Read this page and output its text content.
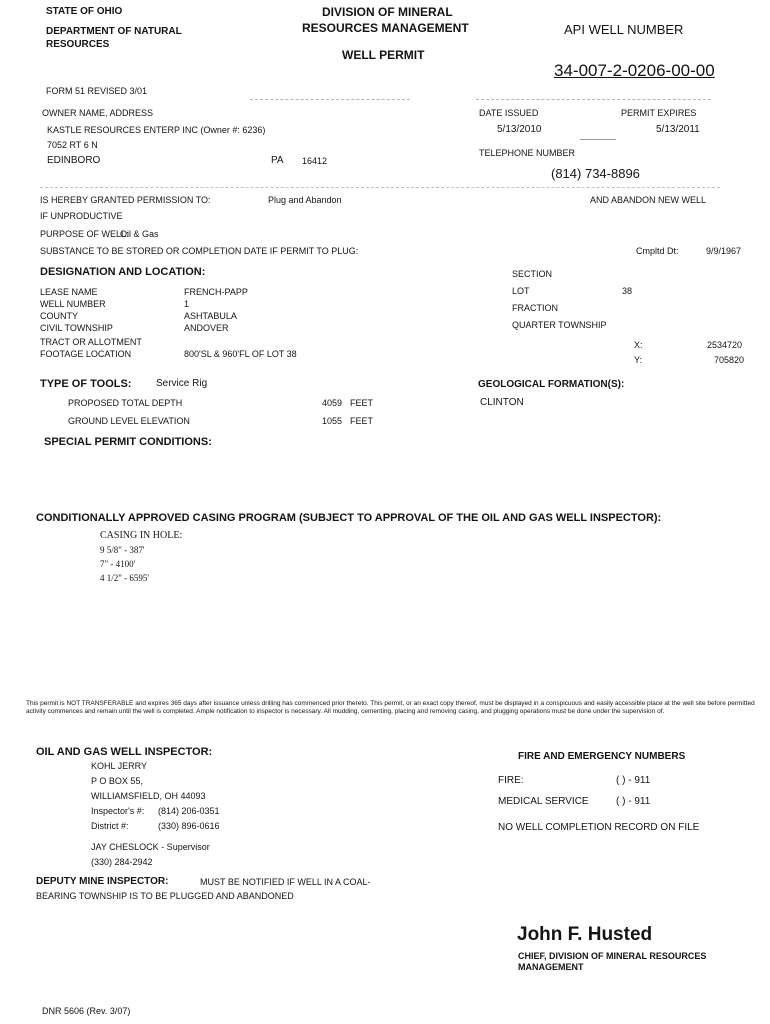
STATE OF OHIO
DEPARTMENT OF NATURAL
RESOURCES
DIVISION OF MINERAL
RESOURCES MANAGEMENT
WELL PERMIT
API WELL NUMBER
34-007-2-0206-00-00
FORM 51 REVISED 3/01
OWNER NAME, ADDRESS
KASTLE RESOURCES ENTERP INC (Owner #: 6236)
7052 RT 6 N
EDINBORO	PA 16412
DATE ISSUED	PERMIT EXPIRES
5/13/2010	5/13/2011
TELEPHONE NUMBER
(814) 734-8896
IS HEREBY GRANTED PERMISSION TO:	Plug and Abandon	AND ABANDON NEW WELL
IF UNPRODUCTIVE
PURPOSE OF WELL:
Oil & Gas
SUBSTANCE TO BE STORED OR COMPLETION DATE IF PERMIT TO PLUG:	Cmpltd Dt:	9/9/1967
DESIGNATION AND LOCATION:
LEASE NAME	FRENCH-PAPP
WELL NUMBER	1
COUNTY	ASHTABULA
CIVIL TOWNSHIP	ANDOVER
TRACT OR ALLOTMENT
FOOTAGE LOCATION	800'SL & 960'FL OF LOT 38
SECTION
LOT	38
FRACTION
QUARTER TOWNSHIP
X:	2534720
Y:	705820
TYPE OF TOOLS: Service Rig
PROPOSED TOTAL DEPTH	4059 FEET
GROUND LEVEL ELEVATION	1055 FEET
GEOLOGICAL FORMATION(S):
CLINTON
SPECIAL PERMIT CONDITIONS:
CONDITIONALLY APPROVED CASING PROGRAM (SUBJECT TO APPROVAL OF THE OIL AND GAS WELL INSPECTOR):
CASING IN HOLE:
9 5/8" - 387'
7" - 4100'
4 1/2" - 6595'
This permit is NOT TRANSFERABLE and expires 365 days after issuance unless drilling has commenced prior thereto. This permit, or an exact copy thereof, must be displayed in a conspicuous and easily accessible place at the well site before permitted activity commences and remain until the well is completed. Ample notification to inspector is necessary. All mudding, cementing, placing and removing casing, and plugging operations must be done under the supervision of.
OIL AND GAS WELL INSPECTOR:
KOHL JERRY
P O BOX 55,
WILLIAMSFIELD, OH 44093
Inspector's #: (814) 206-0351
District #:	(330) 896-0616
JAY CHESLOCK - Supervisor
(330) 284-2942
FIRE AND EMERGENCY NUMBERS
FIRE:	( ) - 911
MEDICAL SERVICE	( ) - 911
NO WELL COMPLETION RECORD ON FILE
DEPUTY MINE INSPECTOR:	MUST BE NOTIFIED IF WELL IN A COAL-
BEARING TOWNSHIP IS TO BE PLUGGED AND ABANDONED
John F. Husted
CHIEF, DIVISION OF MINERAL RESOURCES
MANAGEMENT
DNR 5606 (Rev. 3/07)
